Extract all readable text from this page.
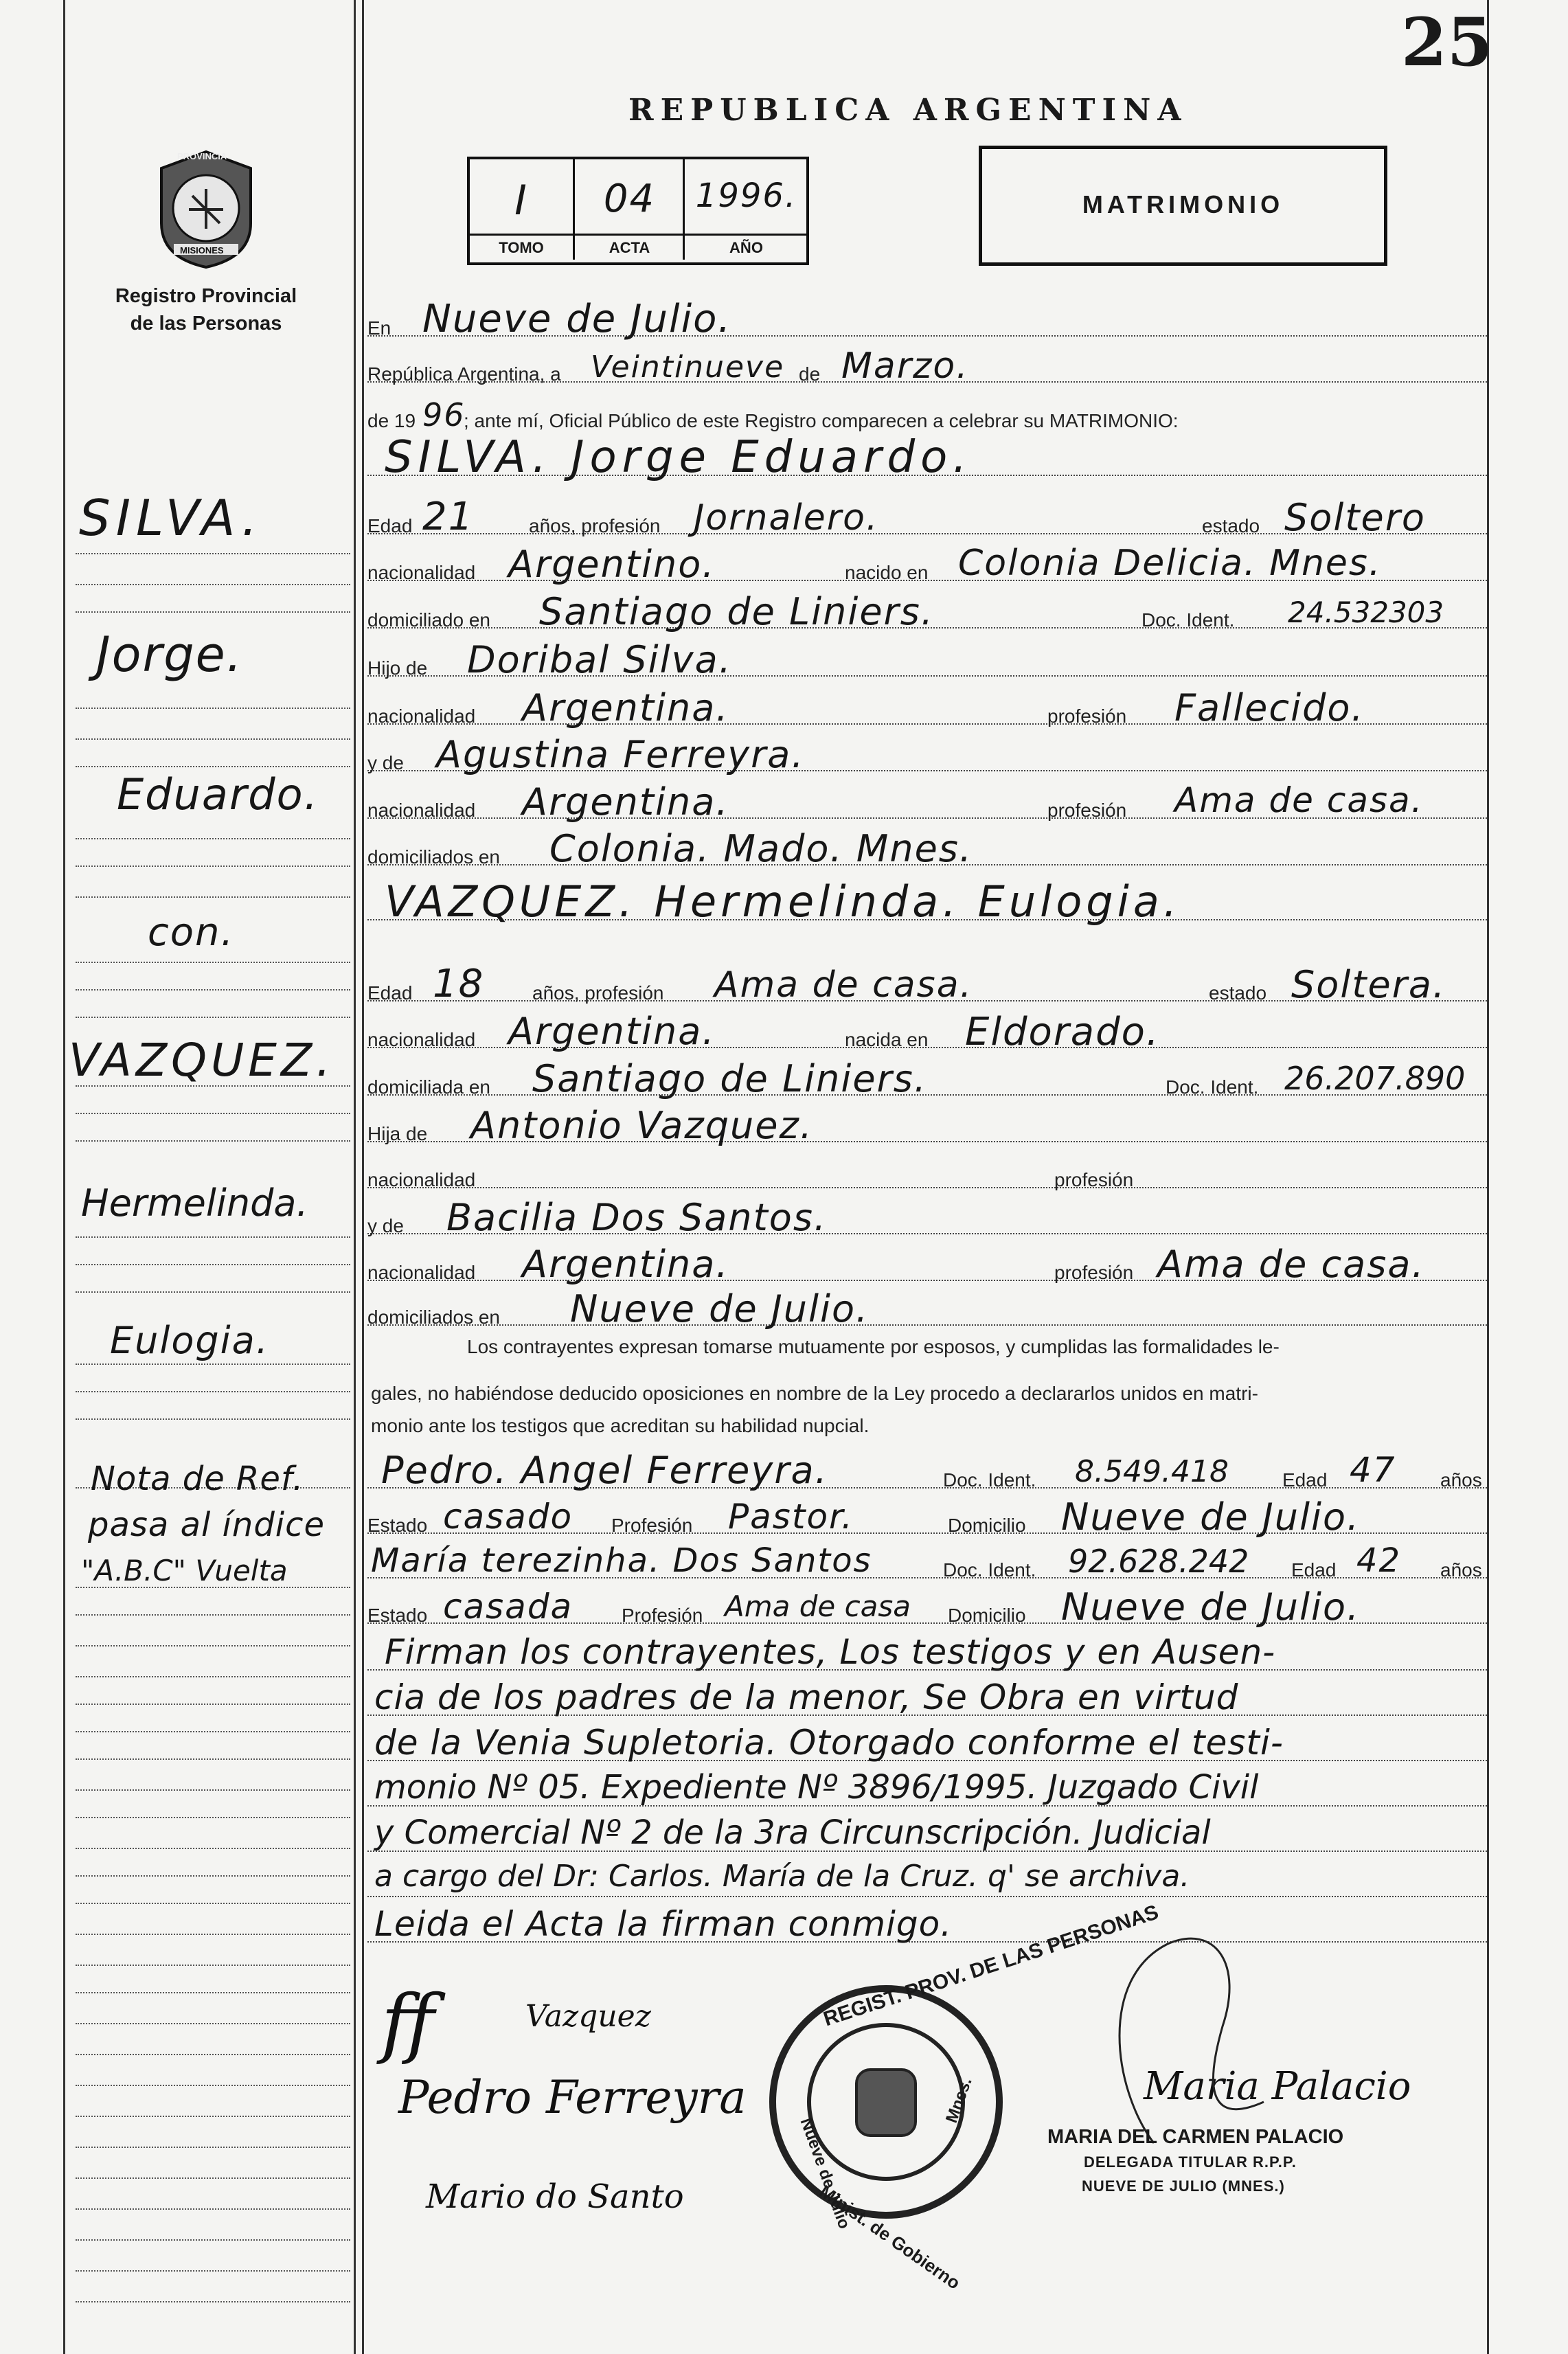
25
REPUBLICA ARGENTINA
PROVINCIA
MISIONES
Registro Provincial
de las Personas
I	04	1996.
TOMO	ACTA	AÑO
MATRIMONIO
En Nueve de Julio.
República Argentina, a Veintinueve de Marzo.
de 19 96
; ante mí, Oficial Público de este Registro comparecen a celebrar su MATRIMONIO:
SILVA. Jorge Eduardo.
Edad 21	años, profesión Jornalero.	estado Soltero
nacionalidad Argentino.	nacido en Colonia Delicia. Mnes.
domiciliado en Santiago de Liniers.	Doc. Ident. 24.532303
Hijo de Doribal Silva.
nacionalidad Argentina.	profesión Fallecido.
y de Agustina Ferreyra.
nacionalidad Argentina.	profesión Ama de casa.
domiciliados en Colonia. Mado. Mnes.
VAZQUEZ. Hermelinda. Eulogia.
Edad 18 años, profesión Ama de casa.	estado Soltera.
nacionalidad Argentina.	nacida en Eldorado.
domiciliada en Santiago de Liniers.	Doc. Ident. 26.207.890
Hija de Antonio Vazquez.
nacionalidad	profesión
y de Bacilia Dos Santos.
nacionalidad Argentina.	profesión Ama de casa.
domiciliados en Nueve de Julio.
Los contrayentes expresan tomarse mutuamente por esposos, y cumplidas las formalidades le-
gales, no habiéndose deducido oposiciones en nombre de la Ley procedo a declararlos unidos en matri-
monio ante los testigos que acreditan su habilidad nupcial.
Pedro. Angel Ferreyra.	Doc. Ident. 8.549.418	Edad 47 años
Estado casado Profesión Pastor.	Domicilio Nueve de Julio.
María terezinha. Dos Santos	Doc. Ident. 92.628.242 Edad 42 años
Estado casada	Profesión Ama de casa Domicilio Nueve de Julio.
Firman los contrayentes, Los testigos y en Ausen-
cia de los padres de la menor, Se Obra en virtud
de la Venia Supletoria. Otorgado conforme el testi-
monio Nº 05. Expediente Nº 3896/1995. Juzgado Civil
y Comercial Nº 2 de la 3ra Circunscripción. Judicial
a cargo del Dr: Carlos. María de la Cruz. q' se archiva.
Leida el Acta la firman conmigo.
SILVA.
Jorge.
Eduardo.
con.
VAZQUEZ.
Hermelinda.
Eulogia.
Nota de Ref.
pasa al índice
"A.B.C" Vuelta
ff	Vazquez
Pedro Ferreyra
Mario do Santo
Maria Palacio
REGIST. PROV. DE LAS PERSONAS
Nueve de Julio
Mnes.
Minist. de Gobierno
MARIA DEL CARMEN PALACIO
DELEGADA TITULAR R.P.P.
NUEVE DE JULIO (MNES.)
